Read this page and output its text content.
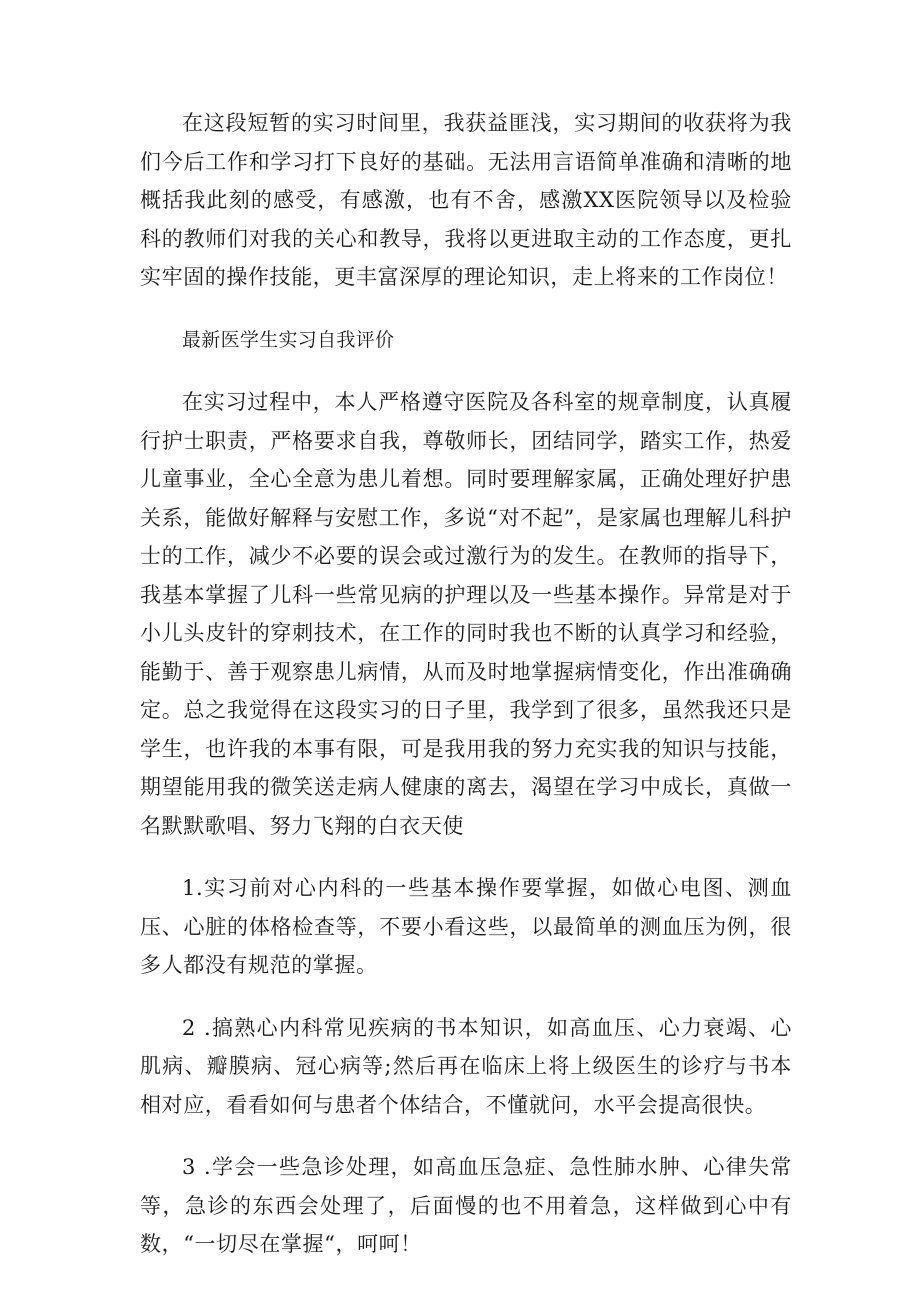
在这段短暂的实习时间里，我获益匪浅，实习期间的收获将为我们今后工作和学习打下良好的基础。无法用言语简单准确和清晰的地概括我此刻的感受，有感激，也有不舍，感激XX医院领导以及检验科的教师们对我的关心和教导，我将以更进取主动的工作态度，更扎实牢固的操作技能，更丰富深厚的理论知识，走上将来的工作岗位！

最新医学生实习自我评价

在实习过程中，本人严格遵守医院及各科室的规章制度，认真履行护士职责，严格要求自我，尊敬师长，团结同学，踏实工作，热爱儿童事业，全心全意为患儿着想。同时要理解家属，正确处理好护患关系，能做好解释与安慰工作，多说“对不起”，是家属也理解儿科护士的工作，减少不必要的误会或过激行为的发生。在教师的指导下，我基本掌握了儿科一些常见病的护理以及一些基本操作。异常是对于小儿头皮针的穿刺技术，在工作的同时我也不断的认真学习和经验，能勤于、善于观察患儿病情，从而及时地掌握病情变化，作出准确确定。总之我觉得在这段实习的日子里，我学到了很多，虽然我还只是学生，也许我的本事有限，可是我用我的努力充实我的知识与技能，期望能用我的微笑送走病人健康的离去，渴望在学习中成长，真做一名默默歌唱、努力飞翔的白衣天使

1.实习前对心内科的一些基本操作要掌握，如做心电图、测血压、心脏的体格检查等，不要小看这些，以最简单的测血压为例，很多人都没有规范的掌握。

2 .搞熟心内科常见疾病的书本知识，如高血压、心力衰竭、心肌病、瓣膜病、冠心病等;然后再在临床上将上级医生的诊疗与书本相对应，看看如何与患者个体结合，不懂就问，水平会提高很快。

3 .学会一些急诊处理，如高血压急症、急性肺水肿、心律失常等，急诊的东西会处理了，后面慢的也不用着急，这样做到心中有数，“一切尽在掌握“，呵呵！
